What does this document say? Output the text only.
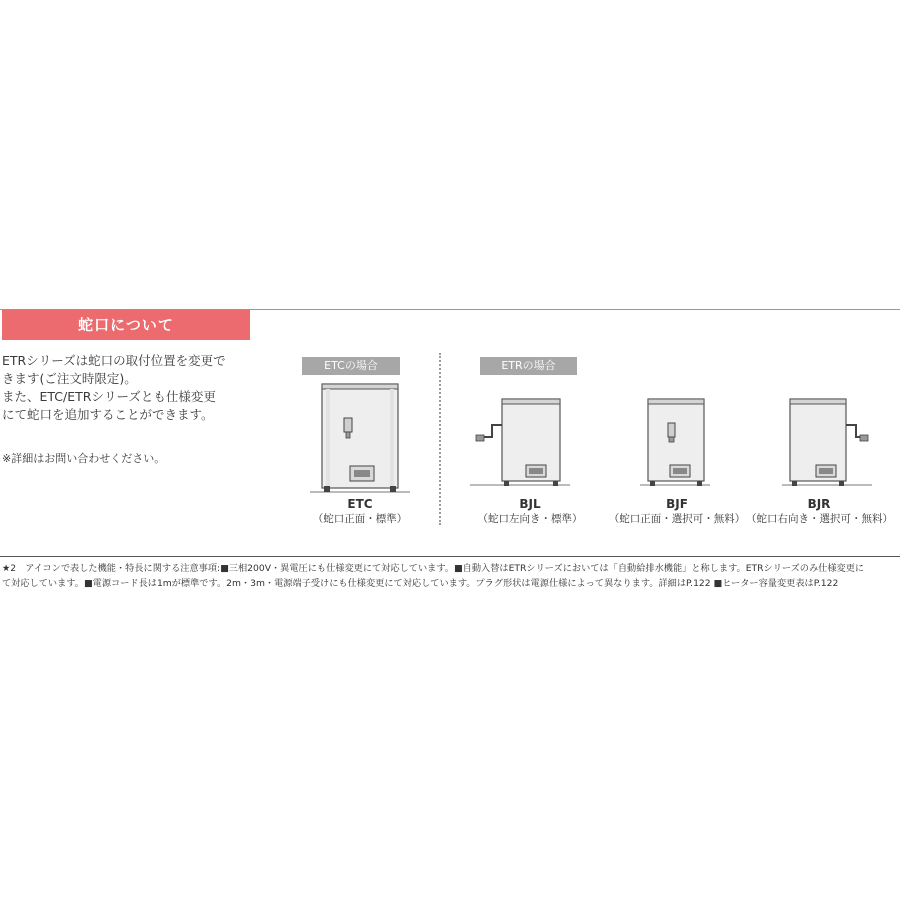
蛇口について

ETRシリーズは蛇口の取付位置を変更で

きます(ご注文時限定)。

また、ETC/ETRシリーズとも仕様変更

にて蛇口を追加することができます。

※詳細はお問い合わせください。
ETCの場合	ETRの場合
ETC
（蛇口正面・標準）
BJL
（蛇口左向き・標準）
BJF
（蛇口正面・選択可・無料）
BJR
（蛇口右向き・選択可・無料）
★2　アイコンで表した機能・特長に関する注意事項:■三相200V・異電圧にも仕様変更にて対応しています。■自動入替はETRシリーズにおいては「自動給排水機能」と称します。ETRシリーズのみ仕様変更に
て対応しています。■電源コード長は1mが標準です。2m・3m・電源端子受けにも仕様変更にて対応しています。プラグ形状は電源仕様によって異なります。詳細はP.122 ■ヒーター容量変更表はP.122
